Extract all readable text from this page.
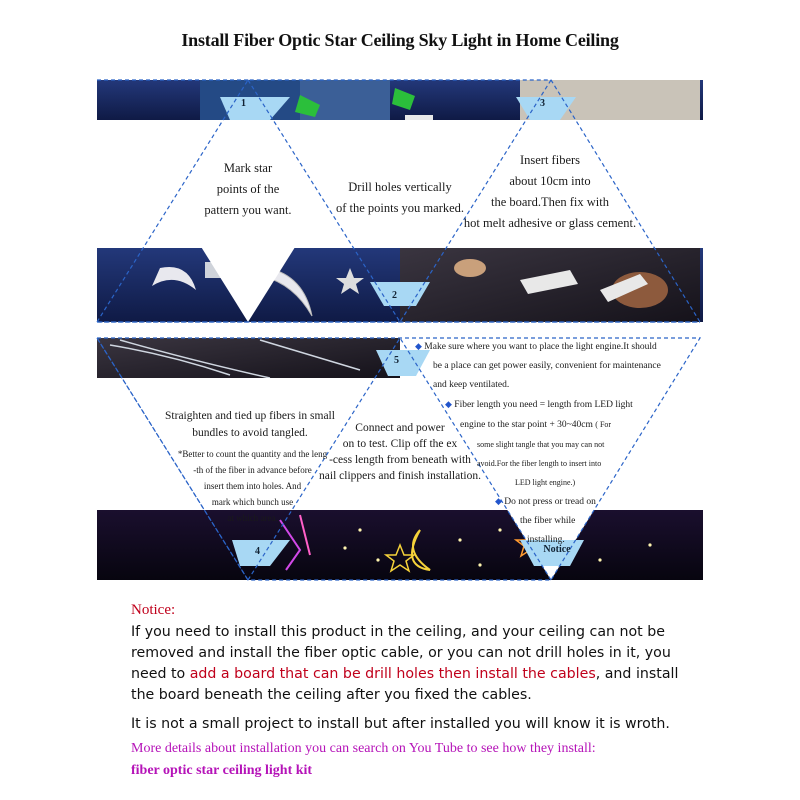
Install Fiber Optic Star Ceiling Sky Light in Home Ceiling
1
2
3
4
5
Mark star
points of the
pattern you want.
Drill holes vertically
of the points you marked.
Insert fibers
about 10cm into
the board.Then fix with
hot melt adhesive or glass cement.
Straighten and tied up fibers in small
bundles to avoid tangled.
*Better to count the quantity and the leng
-th of the fiber in advance before
insert them into holes. And
mark which bunch use
at which area.
Connect and power
on to test. Clip off the ex
-cess length from beneath with
nail clippers and finish installation.
◆ Make sure where you want to place the light engine.It should
be a place can get power easily, convenient for maintenance
and keep ventilated.
◆ Fiber length you need = length from LED light
engine to the star point + 30~40cm ( For
some slight tangle that you may can not
avoid.For the fiber length to insert into
LED light engine.)
◆ Do not press or tread on
the fiber while
installing.
Notice
Notice:
If you need to install this product in the ceiling, and your ceiling can not be removed and install the fiber optic cable, or you can not drill holes in it, you need to add a board that can be drill holes then install the cables, and install the board beneath the ceiling after you fixed the cables.
It is not a small project to install but after installed you will know it is wroth.
More details about installation you can search on You Tube to see how they install:
fiber optic star ceiling light kit
